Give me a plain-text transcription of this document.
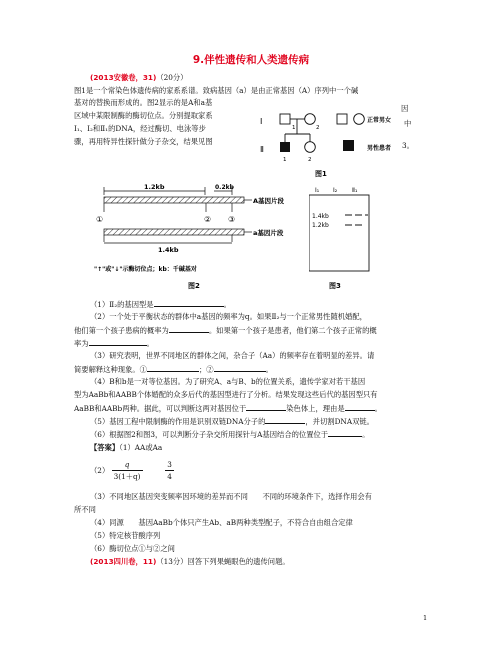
9.伴性遗传和人类遗传病
(2013安徽卷，31)（20分）
图1是一个常染色体遗传病的家系系谱。致病基因（a）是由正常基因（A）序列中一个碱
基对的替换而形成的。图2显示的是A和a基
因
区域中某限制酶的酶切位点。分别提取家系
中
Ⅰ₁、Ⅰ₂和Ⅱ₁的DNA，经过酶切、电泳等步
骤，再用特异性探针做分子杂交，结果见图	3。
Ⅰ
Ⅱ
1	2
1	2
正常男女
男性患者
图1
1.2kb	0.2kb
A基因片段
①	② ③
a基因片段
1.4kb
"↑"或"↓"示酶切位点；kb：千碱基对
图2
Ⅰ₁ Ⅰ₂ Ⅱ₁
1.4kb
1.2kb
图3
（1）Ⅱ₂的基因型是	。
（2）一个处于平衡状态的群体中a基因的频率为q。如果Ⅱ₂与一个正常男性随机婚配，
他们第一个孩子患病的概率为	。如果第一个孩子是患者，他们第二个孩子正常的概
率为	。
（3）研究表明，世界不同地区的群体之间，杂合子（Aa）的频率存在着明显的差异。请
简要解释这种现象。①	；②	。
（4）B和b是一对等位基因。为了研究A、a与B、b的位置关系，遗传学家对若干基因
型为AaBb和AABB个体婚配的众多后代的基因型进行了分析。结果发现这些后代的基因型只有
AaBB和AABb两种。据此，可以判断这两对基因位于	染色体上，理由是	。
（5）基因工程中限制酶的作用是识别双链DNA分子的	，并切割DNA双链。
（6）根据图2和图3，可以判断分子杂交所用探针与A基因结合的位置位于	。
【答案】（1）AA或Aa
$(2) \frac{q}{3(1+q)}$
	$\frac{3}{4}$
（3）不同地区基因突变频率因环境的差异而不同　　不同的环境条件下，选择作用会有
所不同
（4）同源　　基因AaBb个体只产生Ab、aB两种类型配子，不符合自由组合定律
（5）特定核苷酸序列
（6）酶切位点①与②之间
(2013四川卷，11)（13分）回答下列果蝇眼色的遗传问题。
1
